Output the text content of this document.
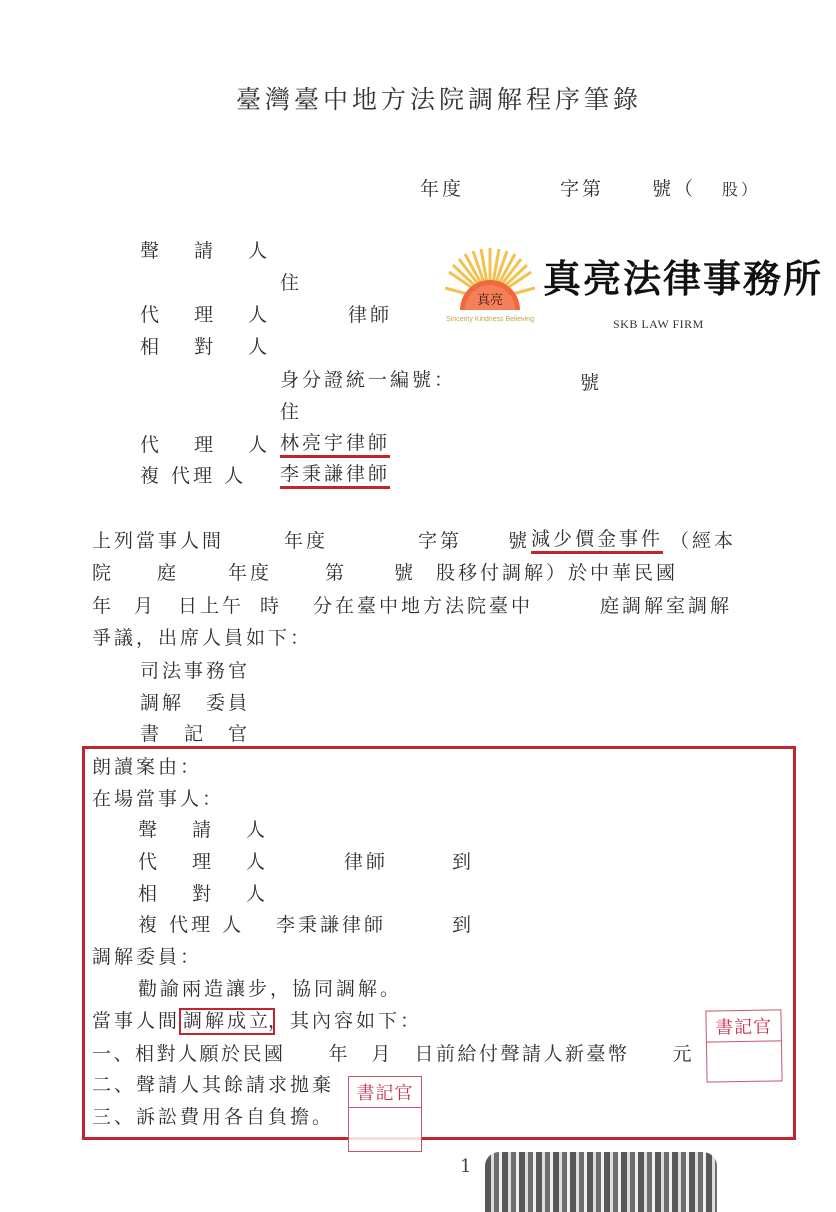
臺灣臺中地方法院調解程序筆錄
年度	字第	號（ 股）
聲　請　人
住
代　理　人	律師
相　對　人
身分證統一編號：	號
住
代　理　人 林亮宇律師
複 代理 人 李秉謙律師
真亮
Sincerity Kindness Believing
真亮法律事務所
SKB LAW FIRM
上列當事人間	年度	字第 號 減少價金事件 （經本
院 庭	年度	第 號 股移付調解）於中華民國
年 月 日上午 時 分在臺中地方法院臺中	庭調解室調解
爭議，出席人員如下：
司法事務官
調解　委員
書　記　官
朗讀案由：
在場當事人：
聲　請　人
代　理　人	律師	到
相　對　人
複 代理 人 李秉謙律師	到
調解委員：
勸諭兩造讓步，協同調解。
當事人間 調解成立
，其內容如下：
一、相對人願於民國　　年　月　日前給付聲請人新臺幣　　元
二、聲請人其餘請求拋棄
三、訴訟費用各自負擔。
書記官
書記官
1
